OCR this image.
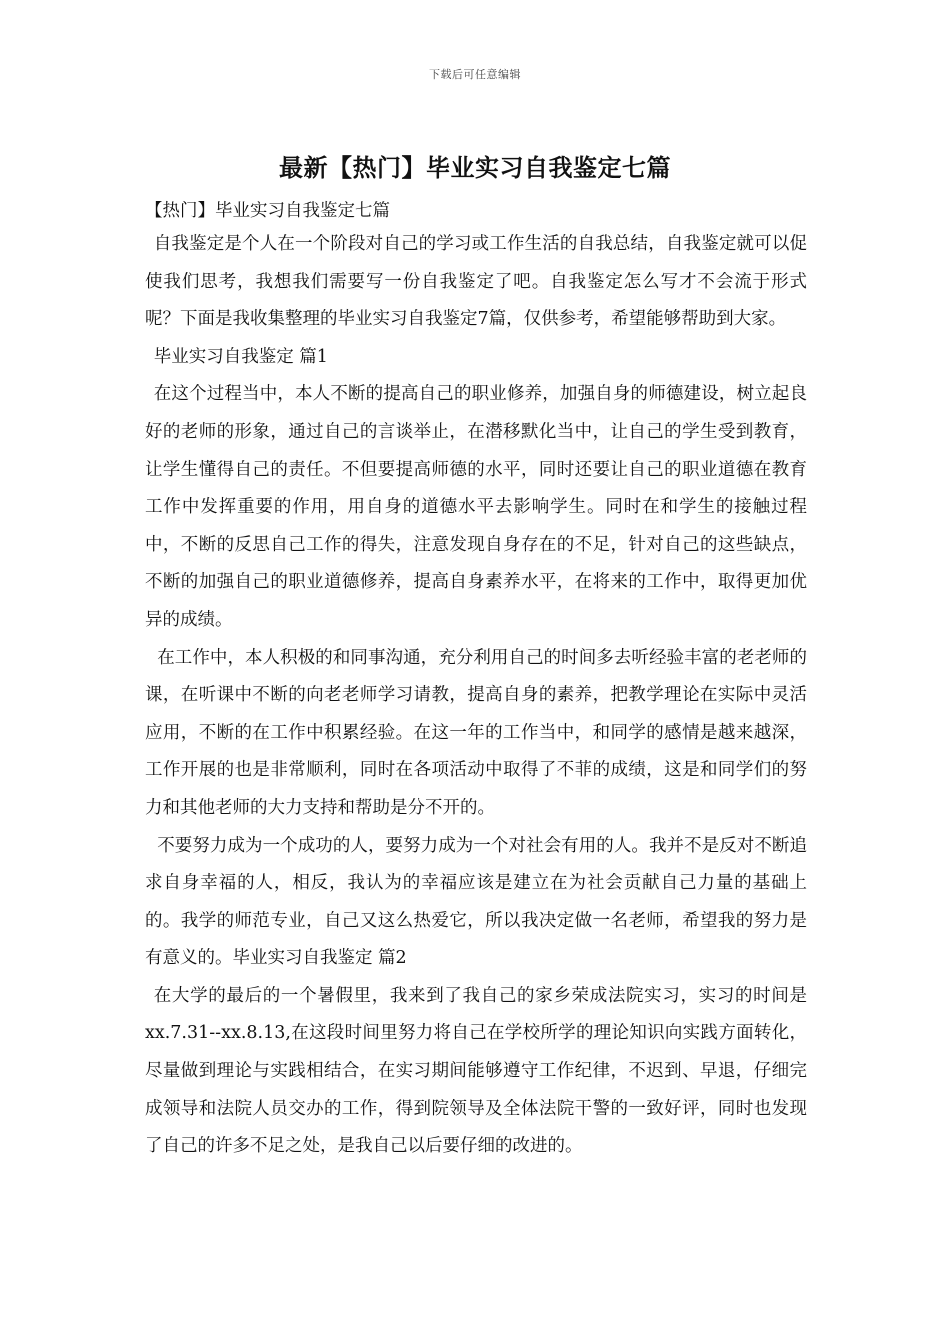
下载后可任意编辑
最新【热门】毕业实习自我鉴定七篇

【热门】毕业实习自我鉴定七篇

自我鉴定是个人在一个阶段对自己的学习或工作生活的自我总结，自我鉴定就可以促使我们思考，我想我们需要写一份自我鉴定了吧。自我鉴定怎么写才不会流于形式呢？下面是我收集整理的毕业实习自我鉴定7篇，仅供参考，希望能够帮助到大家。

毕业实习自我鉴定 篇1

在这个过程当中，本人不断的提高自己的职业修养，加强自身的师德建设，树立起良好的老师的形象，通过自己的言谈举止，在潜移默化当中，让自己的学生受到教育，让学生懂得自己的责任。不但要提高师德的水平，同时还要让自己的职业道德在教育工作中发挥重要的作用，用自身的道德水平去影响学生。同时在和学生的接触过程中，不断的反思自己工作的得失，注意发现自身存在的不足，针对自己的这些缺点，不断的加强自己的职业道德修养，提高自身素养水平，在将来的工作中，取得更加优异的成绩。

在工作中，本人积极的和同事沟通，充分利用自己的时间多去听经验丰富的老老师的课，在听课中不断的向老老师学习请教，提高自身的素养，把教学理论在实际中灵活应用，不断的在工作中积累经验。在这一年的工作当中，和同学的感情是越来越深，工作开展的也是非常顺利，同时在各项活动中取得了不菲的成绩，这是和同学们的努力和其他老师的大力支持和帮助是分不开的。

不要努力成为一个成功的人，要努力成为一个对社会有用的人。我并不是反对不断追求自身幸福的人，相反，我认为的幸福应该是建立在为社会贡献自己力量的基础上的。我学的师范专业，自己又这么热爱它，所以我决定做一名老师，希望我的努力是有意义的。毕业实习自我鉴定 篇2

在大学的最后的一个暑假里，我来到了我自己的家乡荣成法院实习，实习的时间是xx.7.31--xx.8.13,在这段时间里努力将自己在学校所学的理论知识向实践方面转化，尽量做到理论与实践相结合，在实习期间能够遵守工作纪律，不迟到、早退，仔细完成领导和法院人员交办的工作，得到院领导及全体法院干警的一致好评，同时也发现了自己的许多不足之处，是我自己以后要仔细的改进的。
